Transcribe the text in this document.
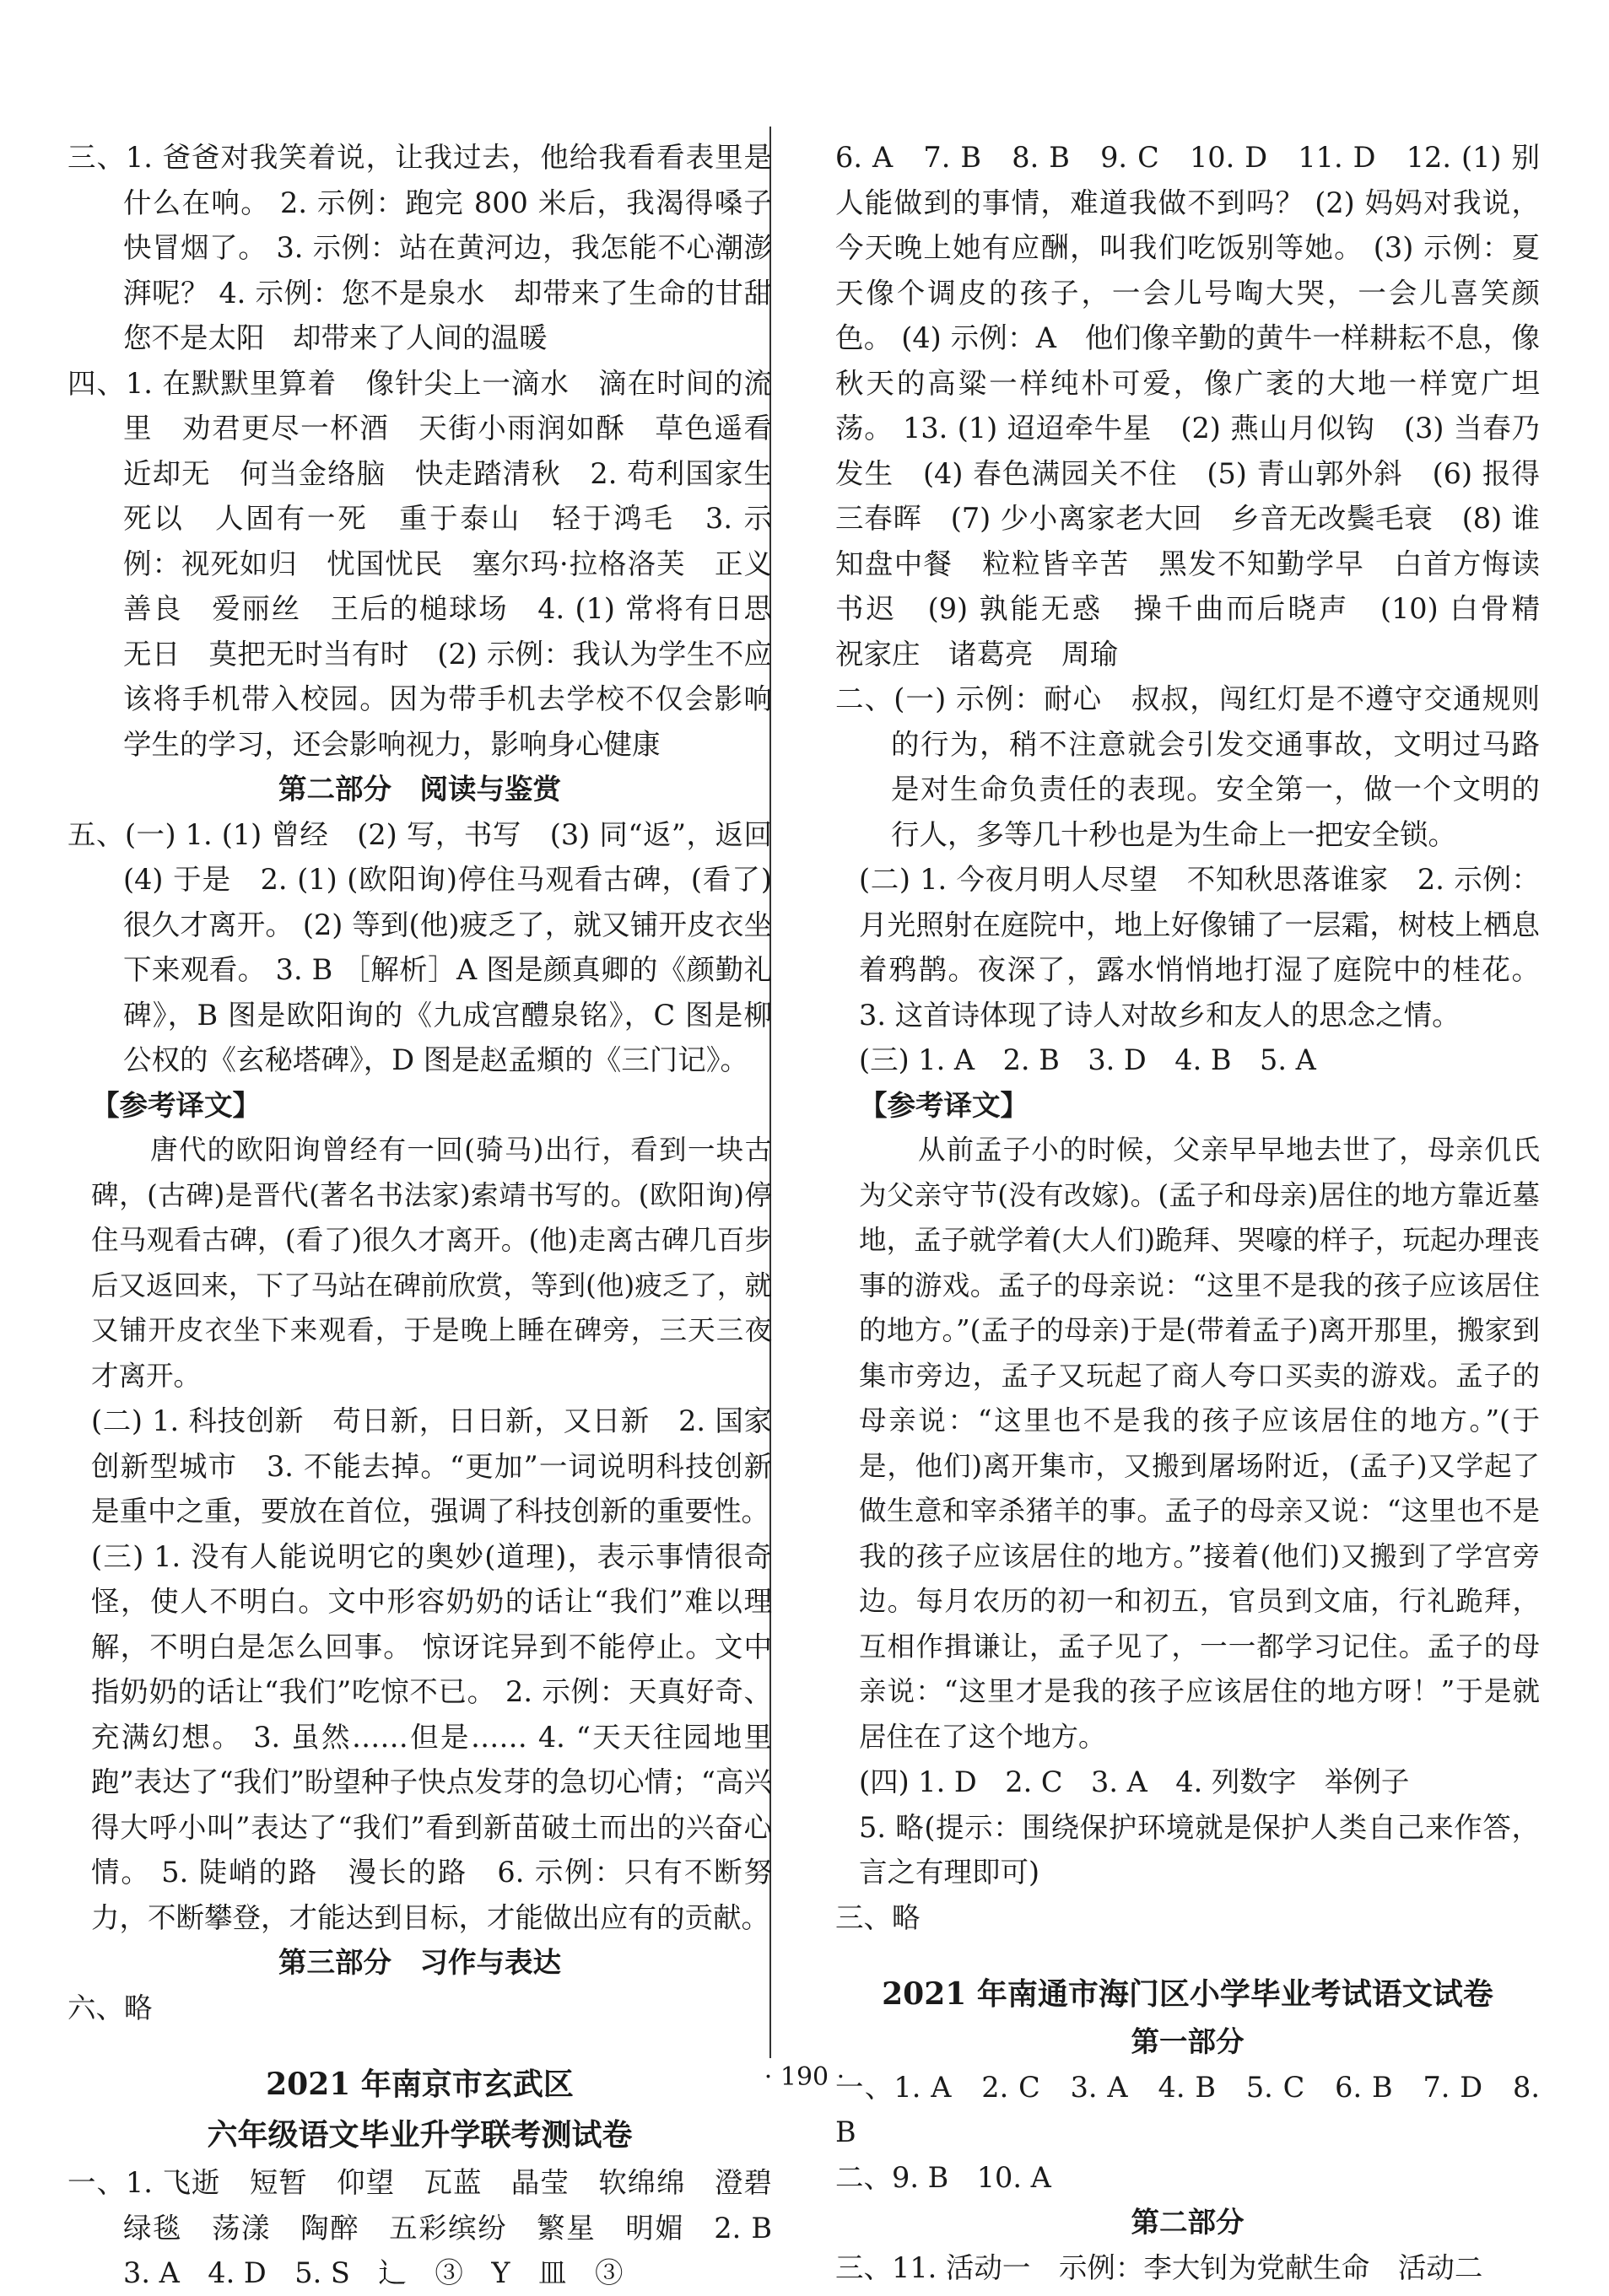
三、1. 爸爸对我笑着说，让我过去，他给我看看表里是什么在响。 2. 示例：跑完 800 米后，我渴得嗓子快冒烟了。 3. 示例：站在黄河边，我怎能不心潮澎湃呢？ 4. 示例：您不是泉水　却带来了生命的甘甜　您不是太阳　却带来了人间的温暖

四、1. 在默默里算着　像针尖上一滴水　滴在时间的流里　劝君更尽一杯酒　天街小雨润如酥　草色遥看近却无　何当金络脑　快走踏清秋　2. 苟利国家生死以　人固有一死　重于泰山　轻于鸿毛　3. 示例：视死如归　忧国忧民　塞尔玛·拉格洛芙　正义善良　爱丽丝　王后的槌球场　4. (1) 常将有日思无日　莫把无时当有时　(2) 示例：我认为学生不应该将手机带入校园。因为带手机去学校不仅会影响学生的学习，还会影响视力，影响身心健康

第二部分　阅读与鉴赏

五、(一) 1. (1) 曾经　(2) 写，书写　(3) 同“返”，返回　(4) 于是　2. (1) (欧阳询)停住马观看古碑，(看了)很久才离开。 (2) 等到(他)疲乏了，就又铺开皮衣坐下来观看。 3. B ［解析］A 图是颜真卿的《颜勤礼碑》，B 图是欧阳询的《九成宫醴泉铭》，C 图是柳公权的《玄秘塔碑》，D 图是赵孟頫的《三门记》。

【参考译文】

唐代的欧阳询曾经有一回(骑马)出行，看到一块古碑，(古碑)是晋代(著名书法家)索靖书写的。(欧阳询)停住马观看古碑，(看了)很久才离开。(他)走离古碑几百步后又返回来，下了马站在碑前欣赏，等到(他)疲乏了，就又铺开皮衣坐下来观看，于是晚上睡在碑旁，三天三夜才离开。

(二) 1. 科技创新　苟日新，日日新，又日新　2. 国家创新型城市　3. 不能去掉。“更加”一词说明科技创新是重中之重，要放在首位，强调了科技创新的重要性。

(三) 1. 没有人能说明它的奥妙(道理)，表示事情很奇怪，使人不明白。文中形容奶奶的话让“我们”难以理解，不明白是怎么回事。 惊讶诧异到不能停止。文中指奶奶的话让“我们”吃惊不已。 2. 示例：天真好奇、充满幻想。 3. 虽然……但是…… 4. “天天往园地里跑”表达了“我们”盼望种子快点发芽的急切心情；“高兴得大呼小叫”表达了“我们”看到新苗破土而出的兴奋心情。 5. 陡峭的路　漫长的路　6. 示例：只有不断努力，不断攀登，才能达到目标，才能做出应有的贡献。

第三部分　习作与表达

六、略

2021 年南京市玄武区
六年级语文毕业升学联考测试卷

一、1. 飞逝　短暂　仰望　瓦蓝　晶莹　软绵绵　澄碧　绿毯　荡漾　陶醉　五彩缤纷　繁星　明媚　2. B　3. A　4. D　5. S　辶　③　Y　皿　③

6. A　7. B　8. B　9. C　10. D　11. D　12. (1) 别人能做到的事情，难道我做不到吗？ (2) 妈妈对我说，今天晚上她有应酬，叫我们吃饭别等她。 (3) 示例：夏天像个调皮的孩子，一会儿号啕大哭，一会儿喜笑颜色。 (4) 示例：A　他们像辛勤的黄牛一样耕耘不息，像秋天的高粱一样纯朴可爱，像广袤的大地一样宽广坦荡。 13. (1) 迢迢牵牛星　(2) 燕山月似钩　(3) 当春乃发生　(4) 春色满园关不住　(5) 青山郭外斜　(6) 报得三春晖　(7) 少小离家老大回　乡音无改鬓毛衰　(8) 谁知盘中餐　粒粒皆辛苦　黑发不知勤学早　白首方悔读书迟　(9) 孰能无惑　操千曲而后晓声　(10) 白骨精　祝家庄　诸葛亮　周瑜

二、(一) 示例：耐心　叔叔，闯红灯是不遵守交通规则的行为，稍不注意就会引发交通事故，文明过马路是对生命负责任的表现。安全第一，做一个文明的行人，多等几十秒也是为生命上一把安全锁。

(二) 1. 今夜月明人尽望　不知秋思落谁家　2. 示例：月光照射在庭院中，地上好像铺了一层霜，树枝上栖息着鸦鹊。夜深了，露水悄悄地打湿了庭院中的桂花。 3. 这首诗体现了诗人对故乡和友人的思念之情。

(三) 1. A　2. B　3. D　4. B　5. A

【参考译文】

从前孟子小的时候，父亲早早地去世了，母亲仉氏为父亲守节(没有改嫁)。(孟子和母亲)居住的地方靠近墓地，孟子就学着(大人们)跪拜、哭嚎的样子，玩起办理丧事的游戏。孟子的母亲说：“这里不是我的孩子应该居住的地方。”(孟子的母亲)于是(带着孟子)离开那里，搬家到集市旁边，孟子又玩起了商人夸口买卖的游戏。孟子的母亲说：“这里也不是我的孩子应该居住的地方。”(于是，他们)离开集市，又搬到屠场附近，(孟子)又学起了做生意和宰杀猪羊的事。孟子的母亲又说：“这里也不是我的孩子应该居住的地方。”接着(他们)又搬到了学宫旁边。每月农历的初一和初五，官员到文庙，行礼跪拜，互相作揖谦让，孟子见了，一一都学习记住。孟子的母亲说：“这里才是我的孩子应该居住的地方呀！”于是就居住在了这个地方。

(四) 1. D　2. C　3. A　4. 列数字　举例子

5. 略(提示：围绕保护环境就是保护人类自己来作答，言之有理即可)

三、略

2021 年南通市海门区小学毕业考试语文试卷
第一部分

一、1. A　2. C　3. A　4. B　5. C　6. B　7. D　8. B

二、9. B　10. A

第二部分

三、11. 活动一　示例：李大钊为党献生命　活动二

· 190 ·
